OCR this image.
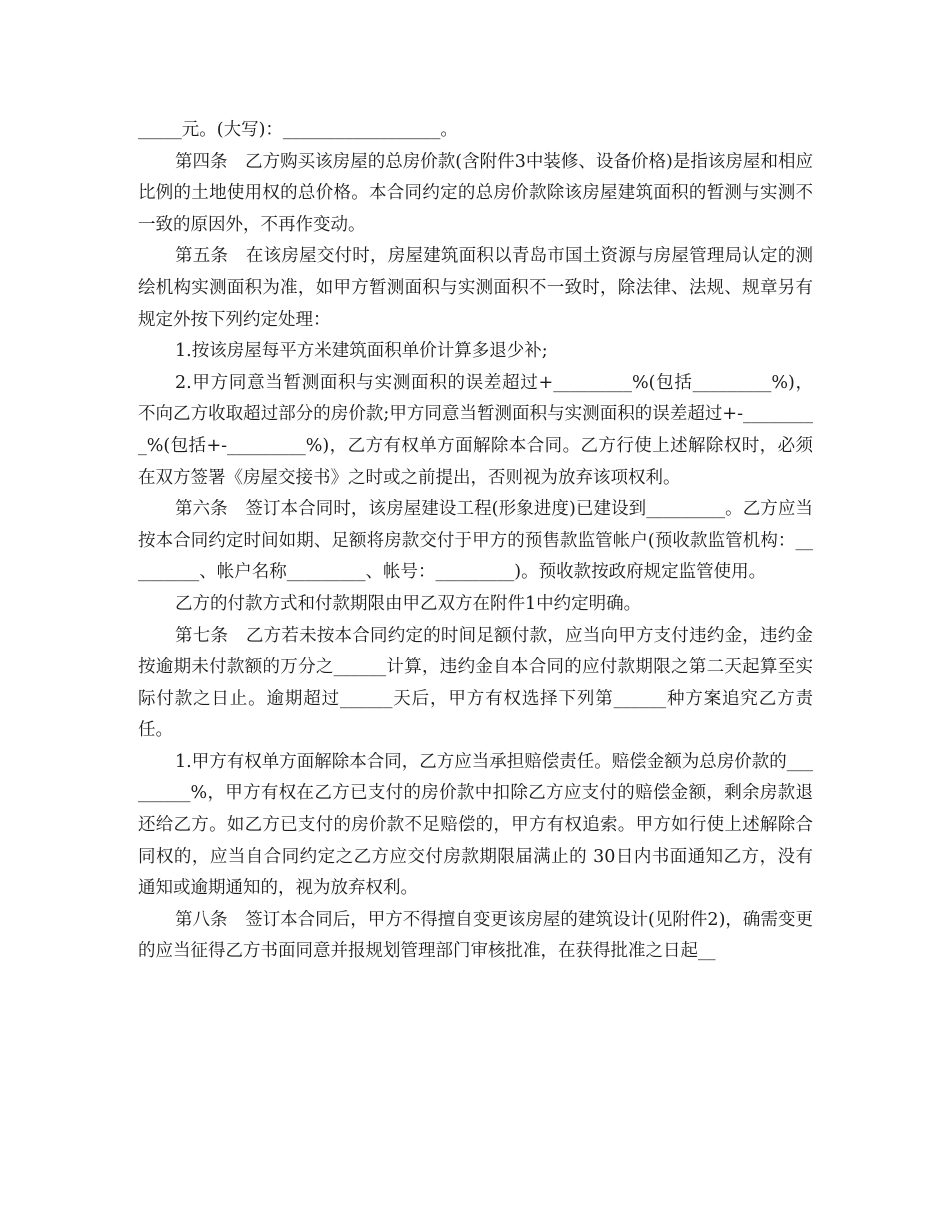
_____元。(大写)：__________________。

第四条　乙方购买该房屋的总房价款(含附件3中装修、设备价格)是指该房屋和相应比例的土地使用权的总价格。本合同约定的总房价款除该房屋建筑面积的暂测与实测不一致的原因外，不再作变动。

第五条　在该房屋交付时，房屋建筑面积以青岛市国土资源与房屋管理局认定的测绘机构实测面积为准，如甲方暂测面积与实测面积不一致时，除法律、法规、规章另有规定外按下列约定处理：

1.按该房屋每平方米建筑面积单价计算多退少补;

2.甲方同意当暂测面积与实测面积的误差超过+_________%(包括_________%)，不向乙方收取超过部分的房价款;甲方同意当暂测面积与实测面积的误差超过+-_________%(包括+-_________%)，乙方有权单方面解除本合同。乙方行使上述解除权时，必须在双方签署《房屋交接书》之时或之前提出，否则视为放弃该项权利。

第六条　签订本合同时，该房屋建设工程(形象进度)已建设到_________。乙方应当按本合同约定时间如期、足额将房款交付于甲方的预售款监管帐户(预收款监管机构：_________、帐户名称_________、帐号：_________)。预收款按政府规定监管使用。

乙方的付款方式和付款期限由甲乙双方在附件1中约定明确。

第七条　乙方若未按本合同约定的时间足额付款，应当向甲方支付违约金，违约金按逾期未付款额的万分之______计算，违约金自本合同的应付款期限之第二天起算至实际付款之日止。逾期超过______天后，甲方有权选择下列第______种方案追究乙方责任。

1.甲方有权单方面解除本合同，乙方应当承担赔偿责任。赔偿金额为总房价款的_________%，甲方有权在乙方已支付的房价款中扣除乙方应支付的赔偿金额，剩余房款退还给乙方。如乙方已支付的房价款不足赔偿的，甲方有权追索。甲方如行使上述解除合同权的，应当自合同约定之乙方应交付房款期限届满止的 30日内书面通知乙方，没有通知或逾期通知的，视为放弃权利。

第八条　签订本合同后，甲方不得擅自变更该房屋的建筑设计(见附件2)，确需变更的应当征得乙方书面同意并报规划管理部门审核批准，在获得批准之日起__
